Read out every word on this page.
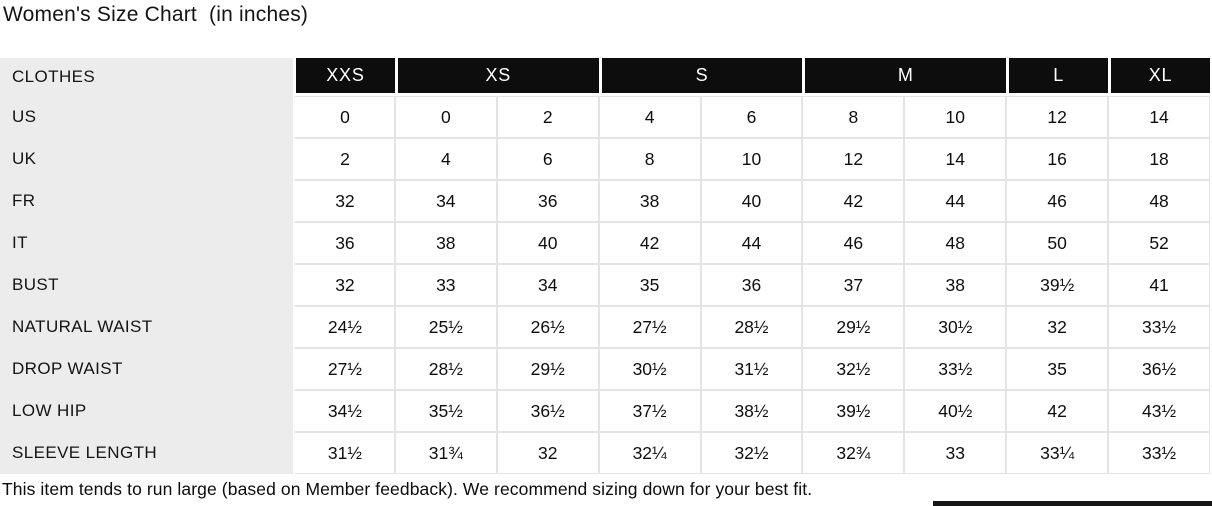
Women's Size Chart  (in inches)
CLOTHES	XXS	XS	S	M	L	XL
US	0	0	2	4	6	8	10	12	14
UK	2	4	6	8	10	12	14	16	18
FR	32	34	36	38	40	42	44	46	48
IT	36	38	40	42	44	46	48	50	52
BUST	32	33	34	35	36	37	38	39½	41
NATURAL WAIST	24½	25½	26½	27½	28½	29½	30½	32	33½
DROP WAIST	27½	28½	29½	30½	31½	32½	33½	35	36½
LOW HIP	34½	35½	36½	37½	38½	39½	40½	42	43½
SLEEVE LENGTH	31½	31¾	32	32¼	32½	32¾	33	33¼	33½
This item tends to run large (based on Member feedback). We recommend sizing down for your best fit.
